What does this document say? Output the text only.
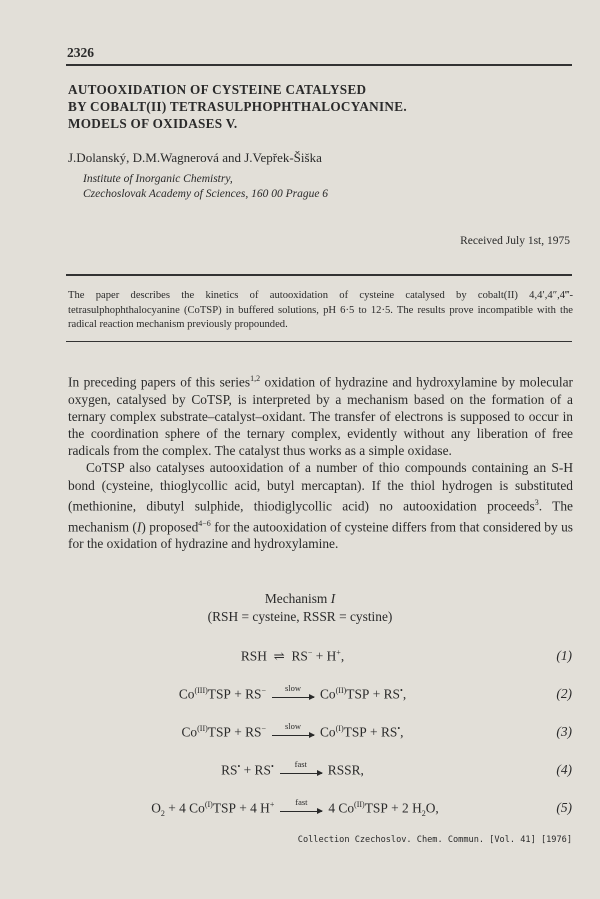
2326
AUTOOXIDATION OF CYSTEINE CATALYSED
BY COBALT(II) TETRASULPHOPHTHALOCYANINE.
MODELS OF OXIDASES V.
J.Dolanský, D.M.Wagnerová and J.Vepřek-Šiška
Institute of Inorganic Chemistry,
Czechoslovak Academy of Sciences, 160 00 Prague 6
Received July 1st, 1975
The paper describes the kinetics of autooxidation of cysteine catalysed by cobalt(II) 4,4′,4″,4‴-tetrasulphophthalocyanine (CoTSP) in buffered solutions, pH 6·5 to 12·5. The results prove incompatible with the radical reaction mechanism previously propounded.

In preceding papers of this series$^{1,2}$ oxidation of hydrazine and hydroxylamine by molecular oxygen, catalysed by CoTSP, is interpreted by a mechanism based on the formation of a ternary complex substrate–catalyst–oxidant. The transfer of electrons is supposed to occur in the coordination sphere of the ternary complex, evidently without any liberation of free radicals from the complex. The catalyst thus works as a simple oxidase.

CoTSP also catalyses autooxidation of a number of thio compounds containing an S-H bond (cysteine, thioglycollic acid, butyl mercaptan). If the thiol hydrogen is substituted (methionine, dibutyl sulphide, thiodiglycollic acid) no autooxidation proceeds$^3$. The mechanism (I) proposed$^{4-6}$ for the autooxidation of cysteine differs from that considered by us for the oxidation of hydrazine and hydroxylamine.

Mechanism I
(RSH = cysteine, RSSR = cystine)
RSH  ⇌  RS− + H+,	(1)
$Co^{(III)}TSP + RS^-$	slow	$Co^{(II)}TSP + RS^•$,	(2)
$Co^{(II)}TSP + RS^-$	slow	$Co^{(I)}TSP + RS^•$,	(3)
RS• + RS•	fast	RSSR,	(4)
$O_2 + 4$ $Co^{(I)}TSP + 4$ H+	fast	4 $Co^{(II)}TSP + 2$ $H_2O$,	(5)
Collection Czechoslov. Chem. Commun. [Vol. 41] [1976]
